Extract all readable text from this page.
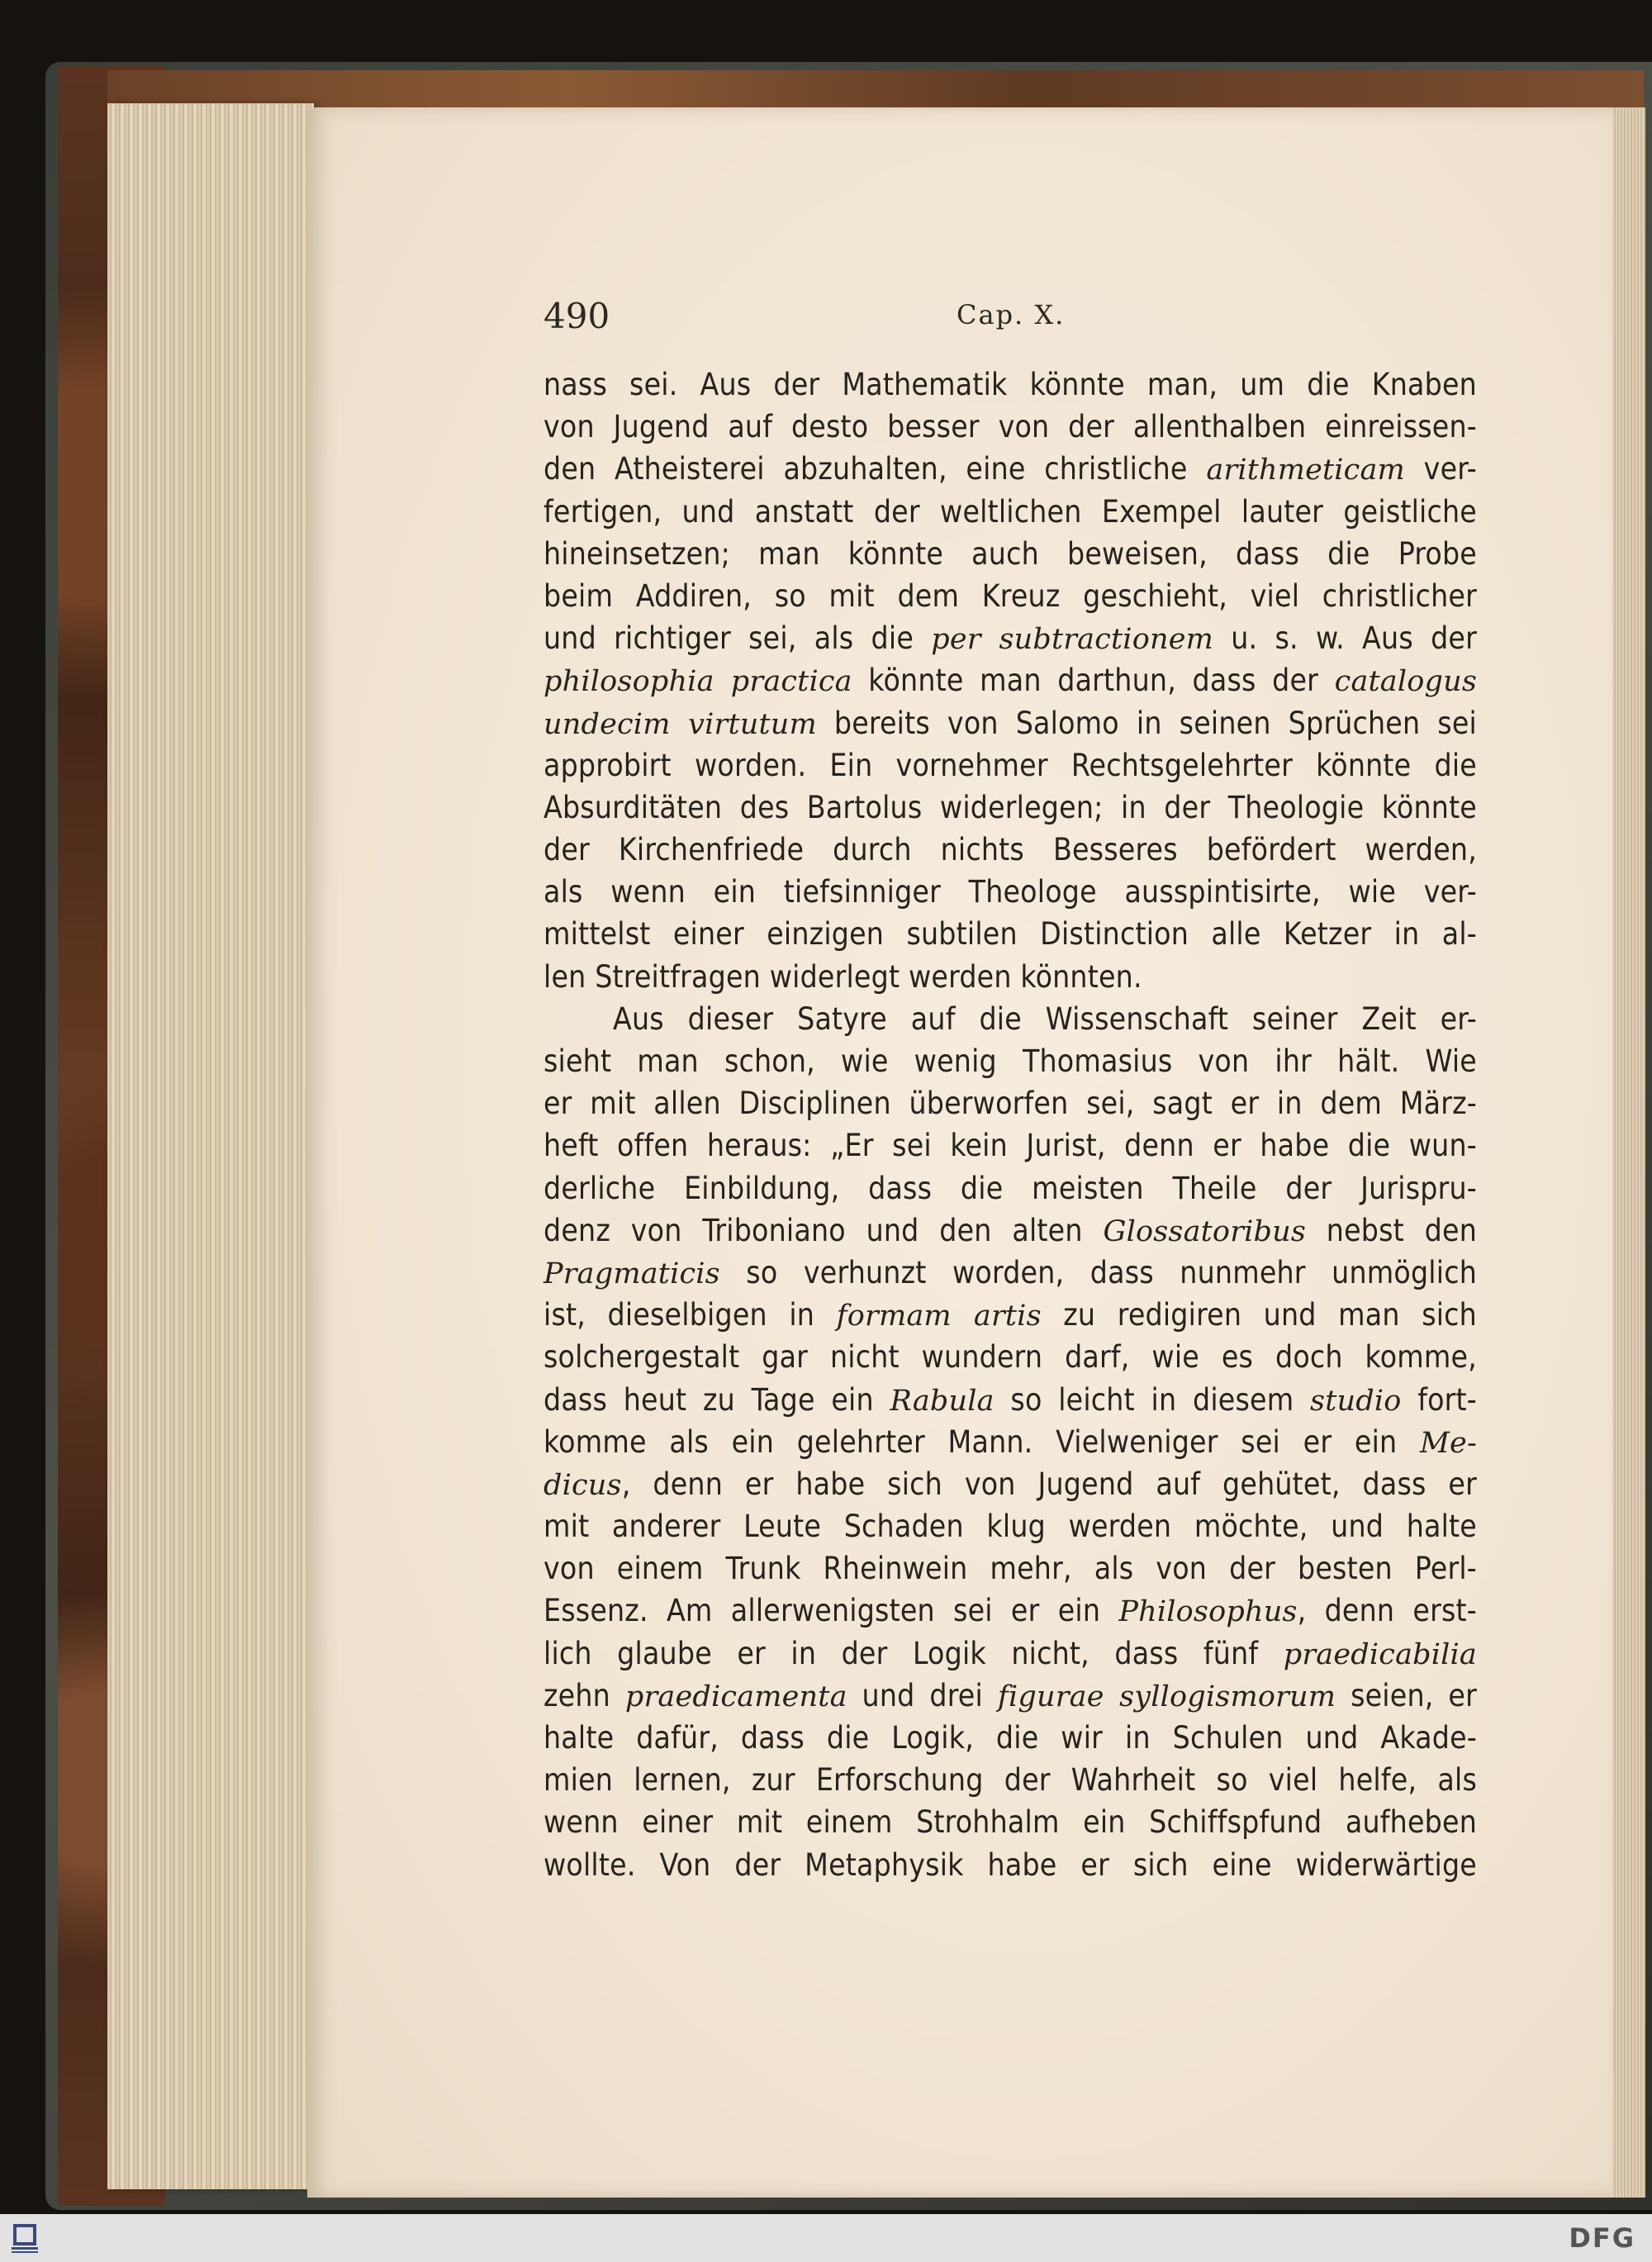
490	Cap. X.
nass sei. Aus der Mathematik könnte man, um die Knaben
von Jugend auf desto besser von der allenthalben einreissen-
den Atheisterei abzuhalten, eine christliche arithmeticam ver-
fertigen, und anstatt der weltlichen Exempel lauter geistliche
hineinsetzen; man könnte auch beweisen, dass die Probe
beim Addiren, so mit dem Kreuz geschieht, viel christlicher
und richtiger sei, als die per subtractionem u. s. w. Aus der
philosophia practica könnte man darthun, dass der catalogus
undecim virtutum bereits von Salomo in seinen Sprüchen sei
approbirt worden. Ein vornehmer Rechtsgelehrter könnte die
Absurditäten des Bartolus widerlegen; in der Theologie könnte
der Kirchenfriede durch nichts Besseres befördert werden,
als wenn ein tiefsinniger Theologe ausspintisirte, wie ver-
mittelst einer einzigen subtilen Distinction alle Ketzer in al-
len Streitfragen widerlegt werden könnten.
Aus dieser Satyre auf die Wissenschaft seiner Zeit er-
sieht man schon, wie wenig Thomasius von ihr hält. Wie
er mit allen Disciplinen überworfen sei, sagt er in dem März-
heft offen heraus: „Er sei kein Jurist, denn er habe die wun-
derliche Einbildung, dass die meisten Theile der Jurispru-
denz von Triboniano und den alten Glossatoribus nebst den
Pragmaticis so verhunzt worden, dass nunmehr unmöglich
ist, dieselbigen in formam artis zu redigiren und man sich
solchergestalt gar nicht wundern darf, wie es doch komme,
dass heut zu Tage ein Rabula so leicht in diesem studio fort-
komme als ein gelehrter Mann. Vielweniger sei er ein Me-
dicus, denn er habe sich von Jugend auf gehütet, dass er
mit anderer Leute Schaden klug werden möchte, und halte
von einem Trunk Rheinwein mehr, als von der besten Perl-
Essenz. Am allerwenigsten sei er ein Philosophus, denn erst-
lich glaube er in der Logik nicht, dass fünf praedicabilia
zehn praedicamenta und drei figurae syllogismorum seien, er
halte dafür, dass die Logik, die wir in Schulen und Akade-
mien lernen, zur Erforschung der Wahrheit so viel helfe, als
wenn einer mit einem Strohhalm ein Schiffspfund aufheben
wollte. Von der Metaphysik habe er sich eine widerwärtige
DFG
